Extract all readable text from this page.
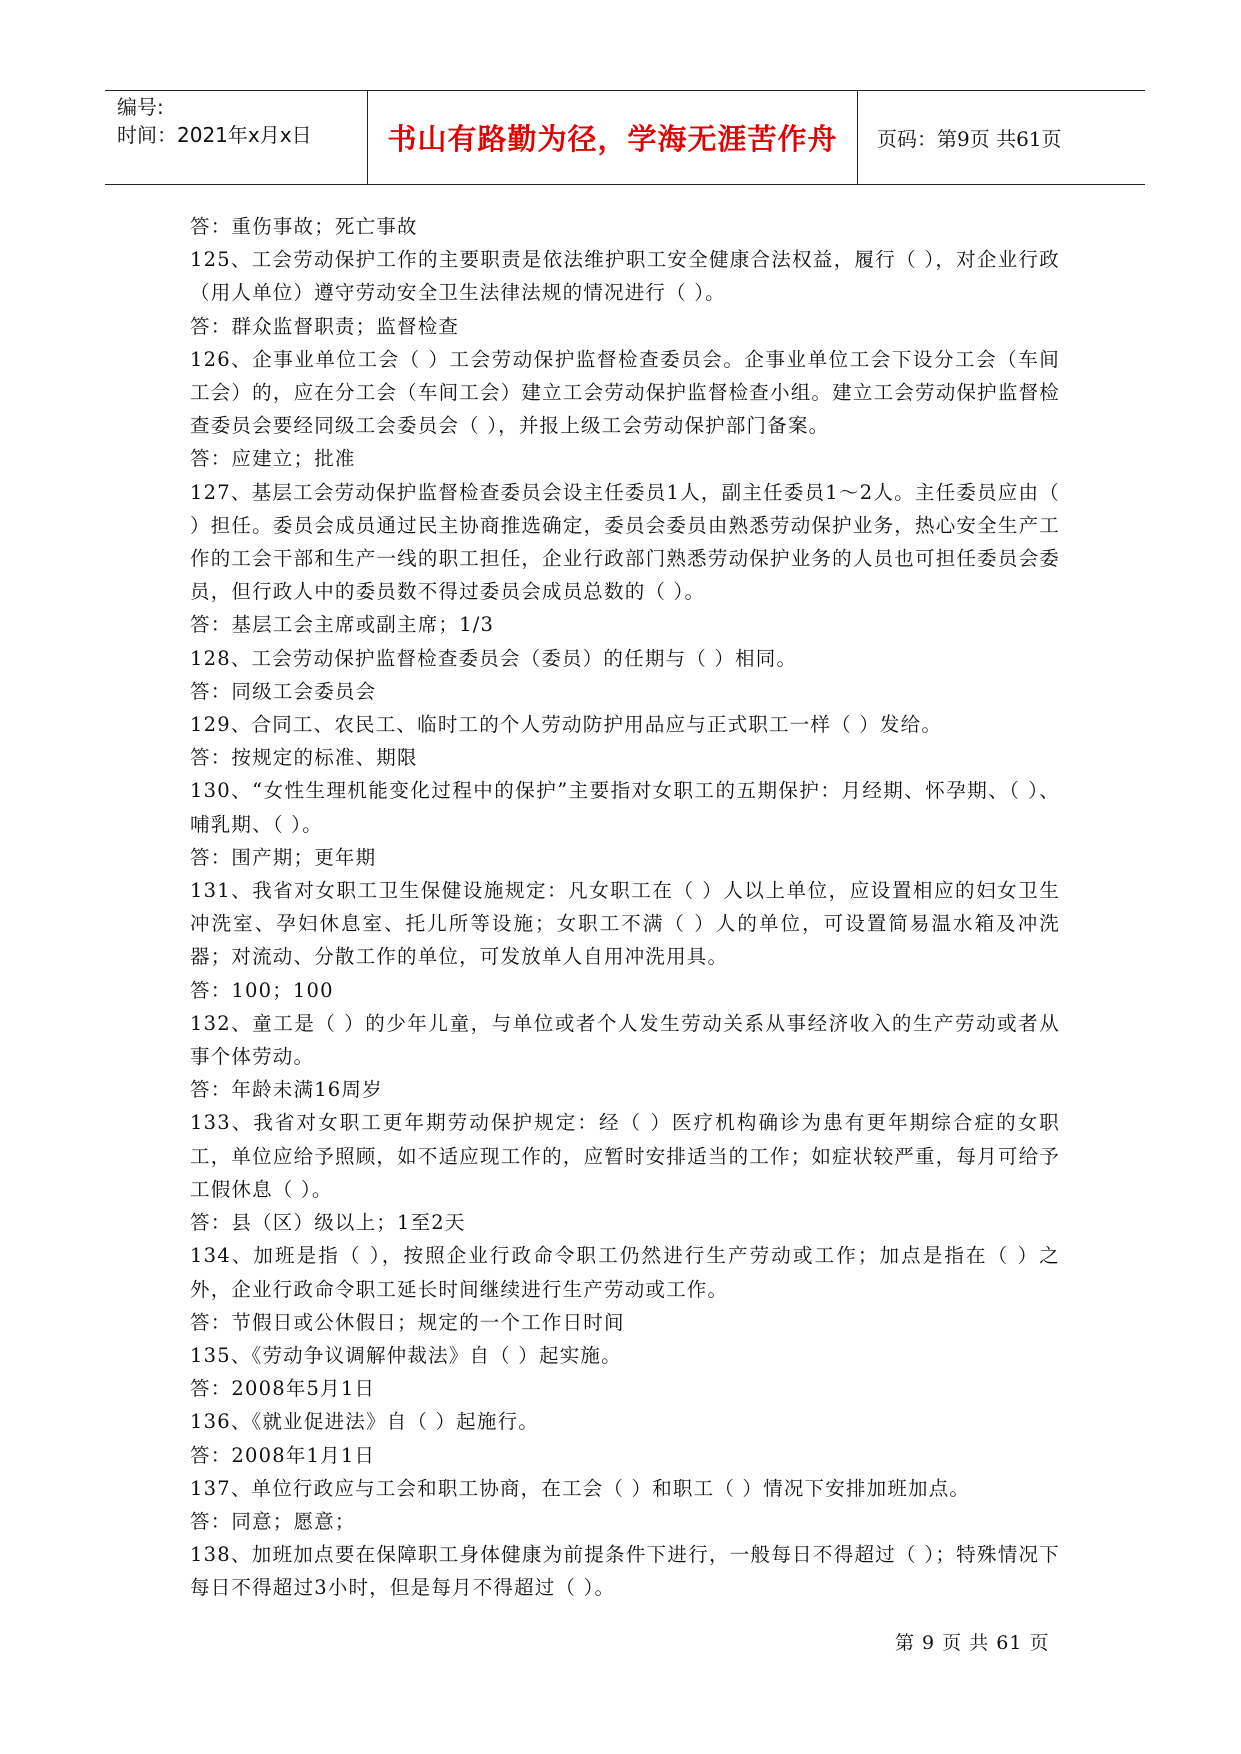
编号:
时间：2021年x月x日	书山有路勤为径，学海无涯苦作舟	页码：第9页 共61页

答：重伤事故；死亡事故

125、工会劳动保护工作的主要职责是依法维护职工安全健康合法权益，履行（ ），对企业行政（用人单位）遵守劳动安全卫生法律法规的情况进行（ ）。

答：群众监督职责；监督检查

126、企事业单位工会（ ）工会劳动保护监督检查委员会。企事业单位工会下设分工会（车间工会）的，应在分工会（车间工会）建立工会劳动保护监督检查小组。建立工会劳动保护监督检查委员会要经同级工会委员会（ ），并报上级工会劳动保护部门备案。

答：应建立；批准

127、基层工会劳动保护监督检查委员会设主任委员1人，副主任委员1～2人。主任委员应由（ ）担任。委员会成员通过民主协商推选确定，委员会委员由熟悉劳动保护业务，热心安全生产工作的工会干部和生产一线的职工担任，企业行政部门熟悉劳动保护业务的人员也可担任委员会委员，但行政人中的委员数不得过委员会成员总数的（ ）。

答：基层工会主席或副主席；1/3

128、工会劳动保护监督检查委员会（委员）的任期与（ ）相同。

答：同级工会委员会

129、合同工、农民工、临时工的个人劳动防护用品应与正式职工一样（ ）发给。

答：按规定的标准、期限

130、“女性生理机能变化过程中的保护”主要指对女职工的五期保护：月经期、怀孕期、（ ）、哺乳期、（ ）。

答：围产期；更年期

131、我省对女职工卫生保健设施规定：凡女职工在（ ）人以上单位，应设置相应的妇女卫生冲洗室、孕妇休息室、托儿所等设施；女职工不满（ ）人的单位，可设置简易温水箱及冲洗器；对流动、分散工作的单位，可发放单人自用冲洗用具。

答：100；100

132、童工是（ ）的少年儿童，与单位或者个人发生劳动关系从事经济收入的生产劳动或者从事个体劳动。

答：年龄未满16周岁

133、我省对女职工更年期劳动保护规定：经（ ）医疗机构确诊为患有更年期综合症的女职工，单位应给予照顾，如不适应现工作的，应暂时安排适当的工作；如症状较严重，每月可给予工假休息（ ）。

答：县（区）级以上；1至2天

134、加班是指（ ），按照企业行政命令职工仍然进行生产劳动或工作；加点是指在（ ）之外，企业行政命令职工延长时间继续进行生产劳动或工作。

答：节假日或公休假日；规定的一个工作日时间

135、《劳动争议调解仲裁法》自（ ）起实施。

答：2008年5月1日

136、《就业促进法》自（ ）起施行。

答：2008年1月1日

137、单位行政应与工会和职工协商，在工会（ ）和职工（ ）情况下安排加班加点。

答：同意；愿意；

138、加班加点要在保障职工身体健康为前提条件下进行，一般每日不得超过（ ）；特殊情况下每日不得超过3小时，但是每月不得超过（ ）。

第 9 页 共 61 页
